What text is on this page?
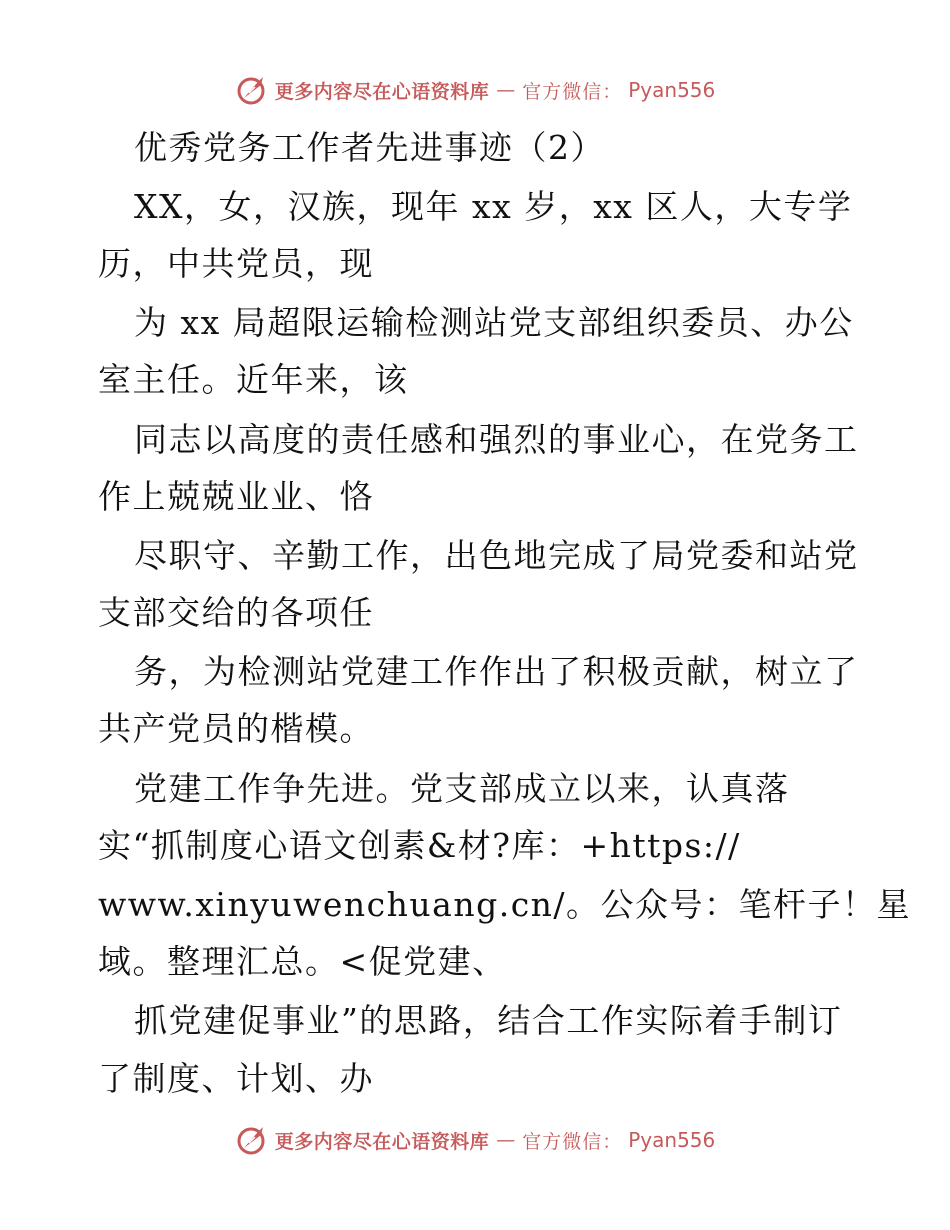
更多内容尽在心语资料库 — 官方微信： Pyan556
优秀党务工作者先进事迹（2）
XX，女，汉族，现年 xx 岁，xx 区人，大专学
历，中共党员，现
为 xx 局超限运输检测站党支部组织委员、办公
室主任。近年来，该
同志以高度的责任感和强烈的事业心，在党务工
作上兢兢业业、恪
尽职守、辛勤工作，出色地完成了局党委和站党
支部交给的各项任
务，为检测站党建工作作出了积极贡献，树立了
共产党员的楷模。
党建工作争先进。党支部成立以来，认真落
实“抓制度心语文创素&材?库：+https://
www.xinyuwenchuang.cn/。公众号：笔杆子！星
域。整理汇总。<促党建、
抓党建促事业”的思路，结合工作实际着手制订
了制度、计划、办
更多内容尽在心语资料库 — 官方微信： Pyan556
